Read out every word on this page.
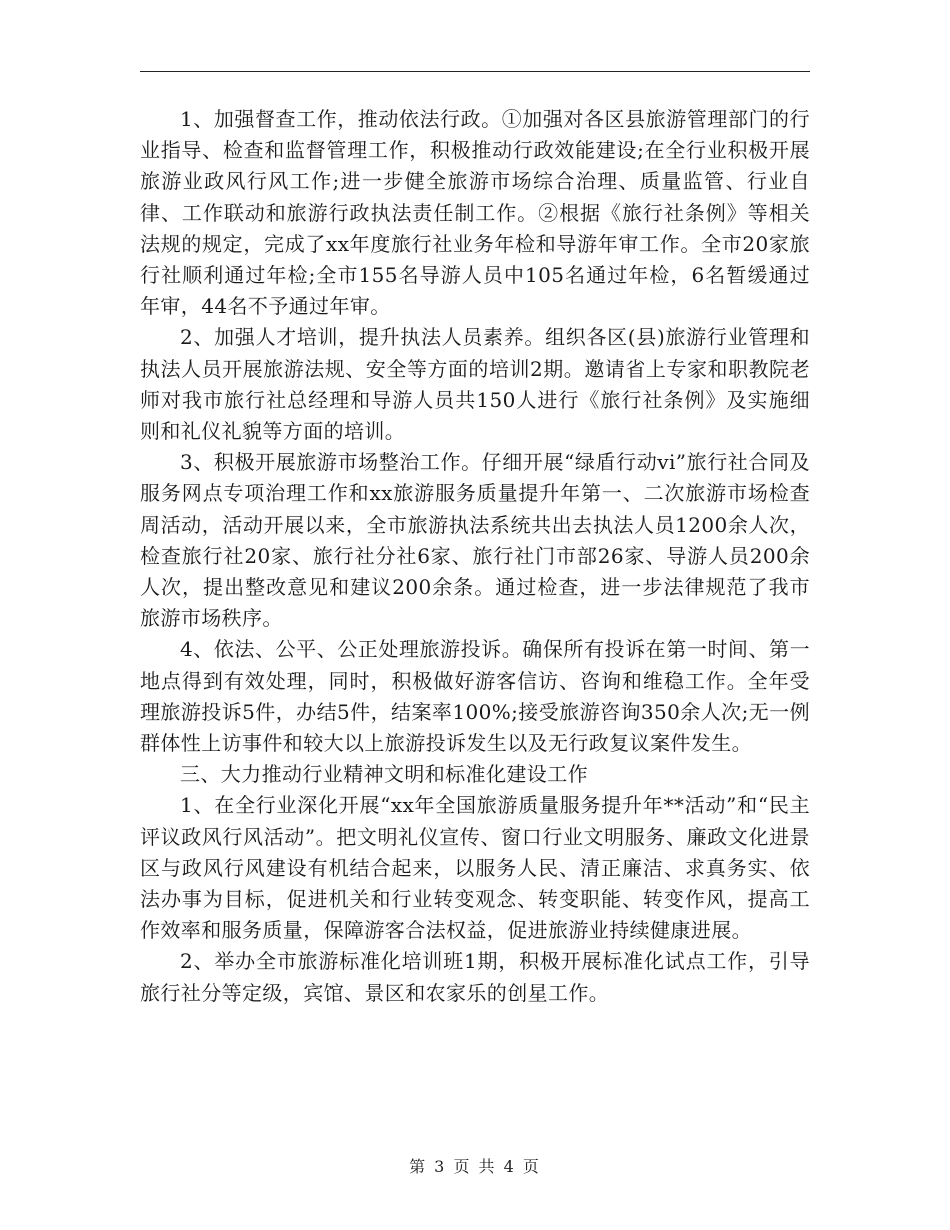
1、加强督查工作，推动依法行政。①加强对各区县旅游管理部门的行业指导、检查和监督管理工作，积极推动行政效能建设;在全行业积极开展旅游业政风行风工作;进一步健全旅游市场综合治理、质量监管、行业自律、工作联动和旅游行政执法责任制工作。②根据《旅行社条例》等相关法规的规定，完成了xx年度旅行社业务年检和导游年审工作。全市20家旅行社顺利通过年检;全市155名导游人员中105名通过年检，6名暂缓通过年审，44名不予通过年审。

2、加强人才培训，提升执法人员素养。组织各区(县)旅游行业管理和执法人员开展旅游法规、安全等方面的培训2期。邀请省上专家和职教院老师对我市旅行社总经理和导游人员共150人进行《旅行社条例》及实施细则和礼仪礼貌等方面的培训。

3、积极开展旅游市场整治工作。仔细开展“绿盾行动vi”旅行社合同及服务网点专项治理工作和xx旅游服务质量提升年第一、二次旅游市场检查周活动，活动开展以来，全市旅游执法系统共出去执法人员1200余人次，检查旅行社20家、旅行社分社6家、旅行社门市部26家、导游人员200余人次，提出整改意见和建议200余条。通过检查，进一步法律规范了我市旅游市场秩序。

4、依法、公平、公正处理旅游投诉。确保所有投诉在第一时间、第一地点得到有效处理，同时，积极做好游客信访、咨询和维稳工作。全年受理旅游投诉5件，办结5件，结案率100%;接受旅游咨询350余人次;无一例群体性上访事件和较大以上旅游投诉发生以及无行政复议案件发生。

三、大力推动行业精神文明和标准化建设工作

1、在全行业深化开展“xx年全国旅游质量服务提升年**活动”和“民主评议政风行风活动”。把文明礼仪宣传、窗口行业文明服务、廉政文化进景区与政风行风建设有机结合起来，以服务人民、清正廉洁、求真务实、依法办事为目标，促进机关和行业转变观念、转变职能、转变作风，提高工作效率和服务质量，保障游客合法权益，促进旅游业持续健康进展。

2、举办全市旅游标准化培训班1期，积极开展标准化试点工作，引导旅行社分等定级，宾馆、景区和农家乐的创星工作。

第 3 页 共 4 页
